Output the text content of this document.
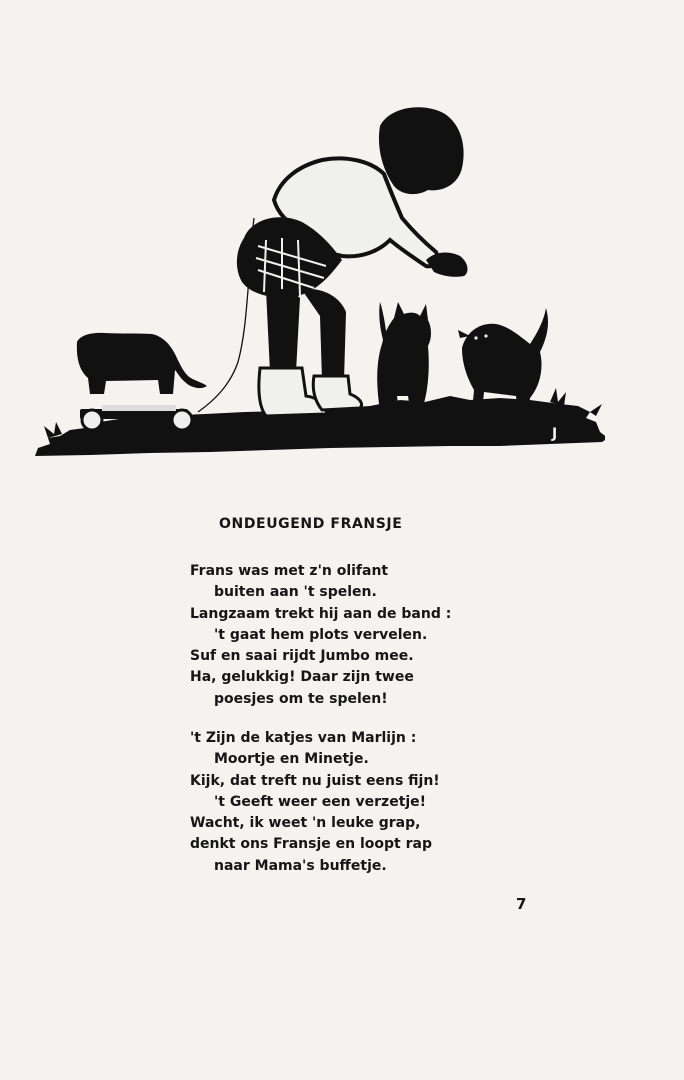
J
ONDEUGEND FRANSJE
Frans was met z'n olifant
buiten aan 't spelen.
Langzaam trekt hij aan de band :
't gaat hem plots vervelen.
Suf en saai rijdt Jumbo mee.
Ha, gelukkig! Daar zijn twee
poesjes om te spelen!
't Zijn de katjes van Marlijn :
Moortje en Minetje.
Kijk, dat treft nu juist eens fijn!
't Geeft weer een verzetje!
Wacht, ik weet 'n leuke grap,
denkt ons Fransje en loopt rap
naar Mama's buffetje.
7
